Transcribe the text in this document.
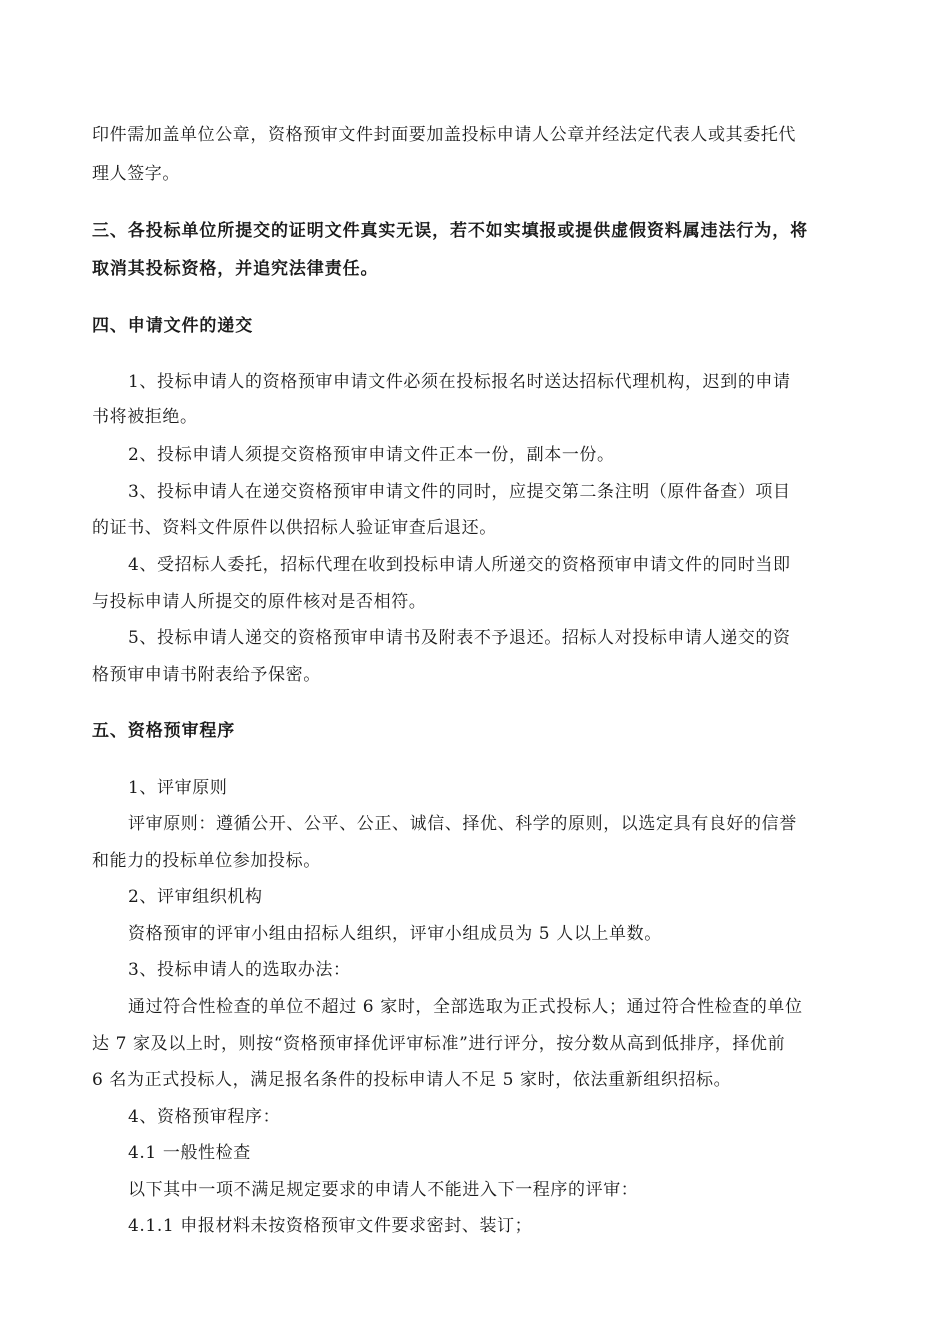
印件需加盖单位公章，资格预审文件封面要加盖投标申请人公章并经法定代表人或其委托代
理人签字。
三、各投标单位所提交的证明文件真实无误，若不如实填报或提供虚假资料属违法行为，将
取消其投标资格，并追究法律责任。
四、申请文件的递交
1、投标申请人的资格预审申请文件必须在投标报名时送达招标代理机构，迟到的申请
书将被拒绝。
2、投标申请人须提交资格预审申请文件正本一份，副本一份。
3、投标申请人在递交资格预审申请文件的同时，应提交第二条注明（原件备查）项目
的证书、资料文件原件以供招标人验证审查后退还。
4、受招标人委托，招标代理在收到投标申请人所递交的资格预审申请文件的同时当即
与投标申请人所提交的原件核对是否相符。
5、投标申请人递交的资格预审申请书及附表不予退还。招标人对投标申请人递交的资
格预审申请书附表给予保密。
五、资格预审程序
1、评审原则
评审原则：遵循公开、公平、公正、诚信、择优、科学的原则，以选定具有良好的信誉
和能力的投标单位参加投标。
2、评审组织机构
资格预审的评审小组由招标人组织，评审小组成员为 5 人以上单数。
3、投标申请人的选取办法：
通过符合性检查的单位不超过 6 家时，全部选取为正式投标人；通过符合性检查的单位
达 7 家及以上时，则按“资格预审择优评审标准”进行评分，按分数从高到低排序，择优前
6 名为正式投标人，满足报名条件的投标申请人不足 5 家时，依法重新组织招标。
4、资格预审程序：
4.1 一般性检查
以下其中一项不满足规定要求的申请人不能进入下一程序的评审：
4.1.1 申报材料未按资格预审文件要求密封、装订；
